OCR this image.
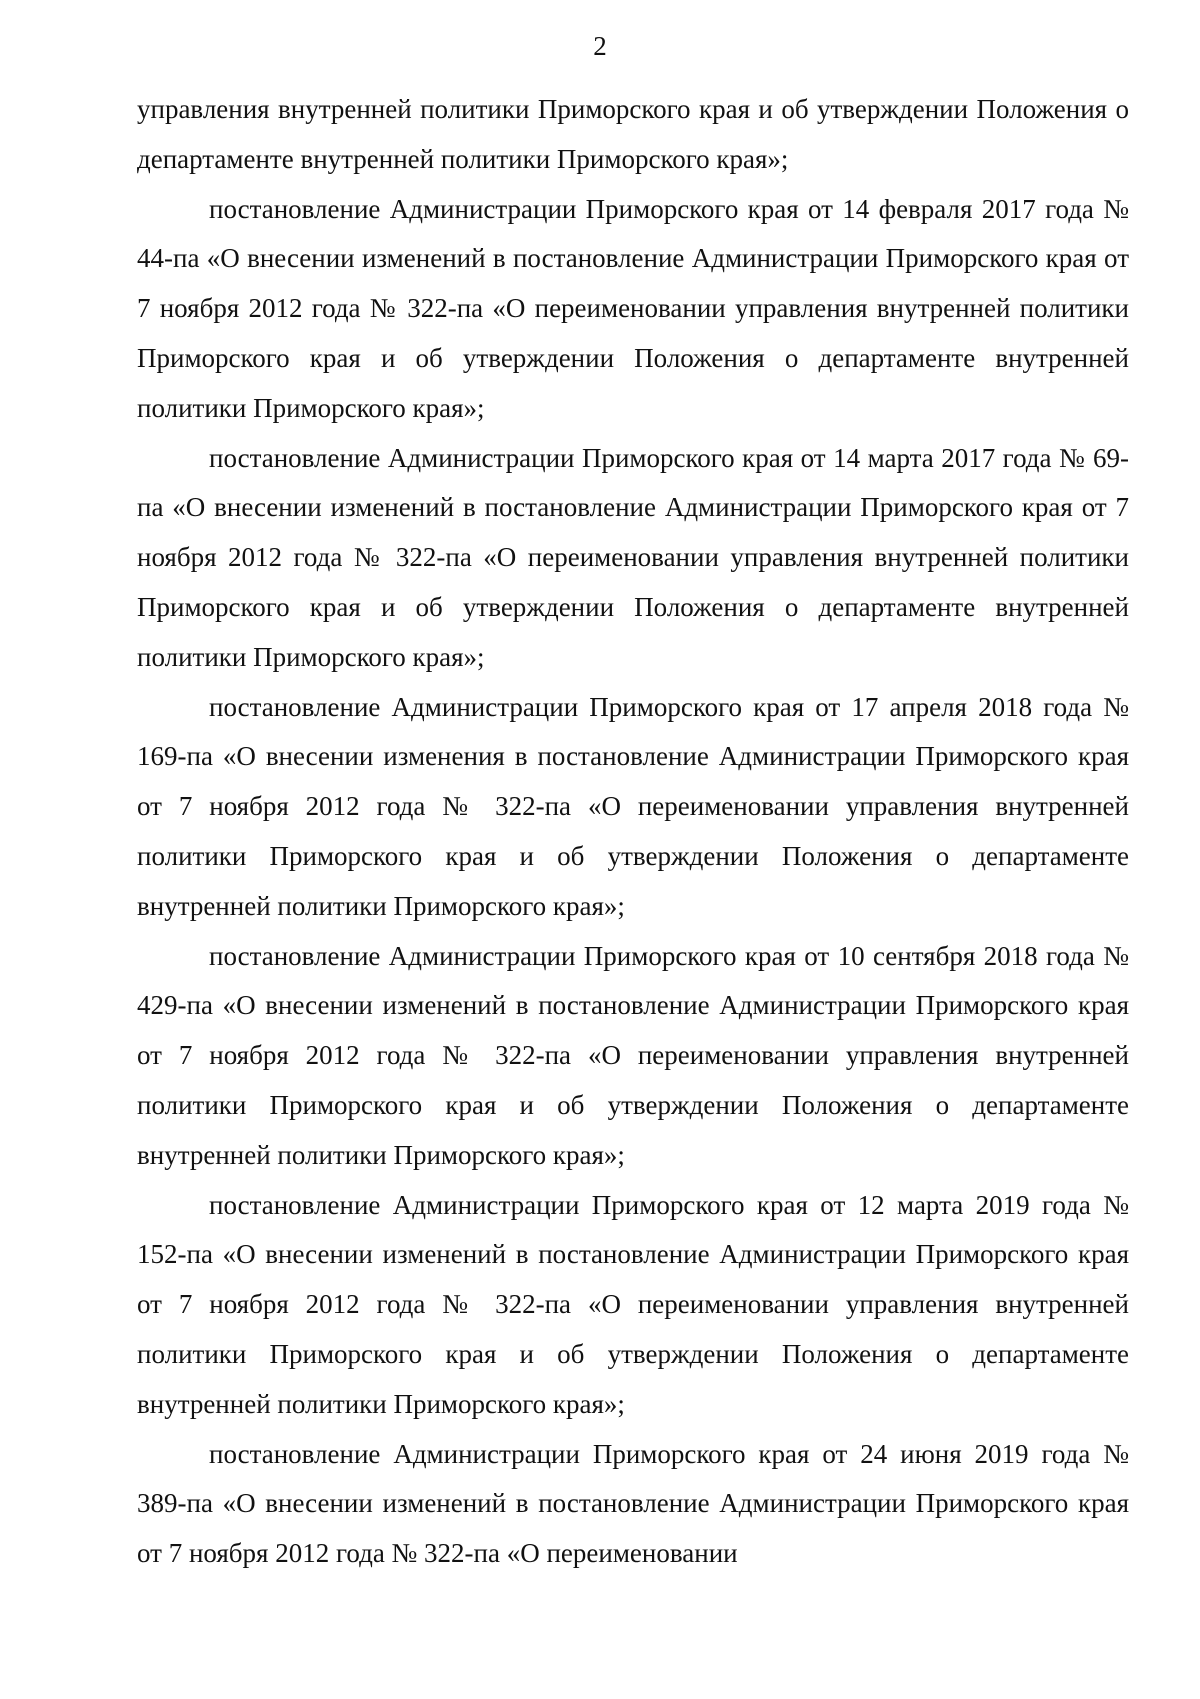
2

управления внутренней политики Приморского края и об утверждении Положения о департаменте внутренней политики Приморского края»;

постановление Администрации Приморского края от 14 февраля 2017 года № 44-па «О внесении изменений в постановление Администрации Приморского края от 7 ноября 2012 года № 322-па «О переименовании управления внутренней политики Приморского края и об утверждении Положения о департаменте внутренней политики Приморского края»;

постановление Администрации Приморского края от 14 марта 2017 года № 69-па «О внесении изменений в постановление Администрации Приморского края от 7 ноября 2012 года № 322-па «О переименовании управления внутренней политики Приморского края и об утверждении Положения о департаменте внутренней политики Приморского края»;

постановление Администрации Приморского края от 17 апреля 2018 года № 169-па «О внесении изменения в постановление Администрации Приморского края от 7 ноября 2012 года № 322-па «О переименовании управления внутренней политики Приморского края и об утверждении Положения о департаменте внутренней политики Приморского края»;

постановление Администрации Приморского края от 10 сентября 2018 года № 429-па «О внесении изменений в постановление Администрации Приморского края от 7 ноября 2012 года № 322-па «О переименовании управления внутренней политики Приморского края и об утверждении Положения о департаменте внутренней политики Приморского края»;

постановление Администрации Приморского края от 12 марта 2019 года № 152-па «О внесении изменений в постановление Администрации Приморского края от 7 ноября 2012 года № 322-па «О переименовании управления внутренней политики Приморского края и об утверждении Положения о департаменте внутренней политики Приморского края»;

постановление Администрации Приморского края от 24 июня 2019 года № 389-па «О внесении изменений в постановление Администрации Приморского края от 7 ноября 2012 года № 322-па «О переименовании
